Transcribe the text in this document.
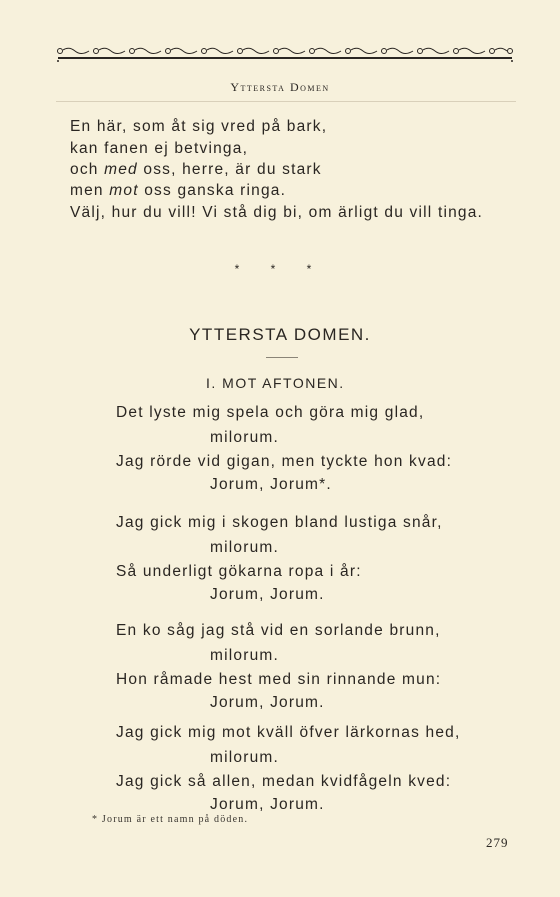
Yttersta Domen
En här, som åt sig vred på bark,
kan fanen ej betvinga,
och med oss, herre, är du stark
men mot oss ganska ringa.
Välj, hur du vill! Vi stå dig bi, om ärligt du vill tinga.
* * *
YTTERSTA DOMEN.
I. MOT AFTONEN.
Det lyste mig spela och göra mig glad,
milorum.
Jag rörde vid gigan, men tyckte hon kvad:
Jorum, Jorum*.
Jag gick mig i skogen bland lustiga snår,
milorum.
Så underligt gökarna ropa i år:
Jorum, Jorum.
En ko såg jag stå vid en sorlande brunn,
milorum.
Hon råmade hest med sin rinnande mun:
Jorum, Jorum.
Jag gick mig mot kväll öfver lärkornas hed,
milorum.
Jag gick så allen, medan kvidfågeln kved:
Jorum, Jorum.
* Jorum är ett namn på döden.
279
